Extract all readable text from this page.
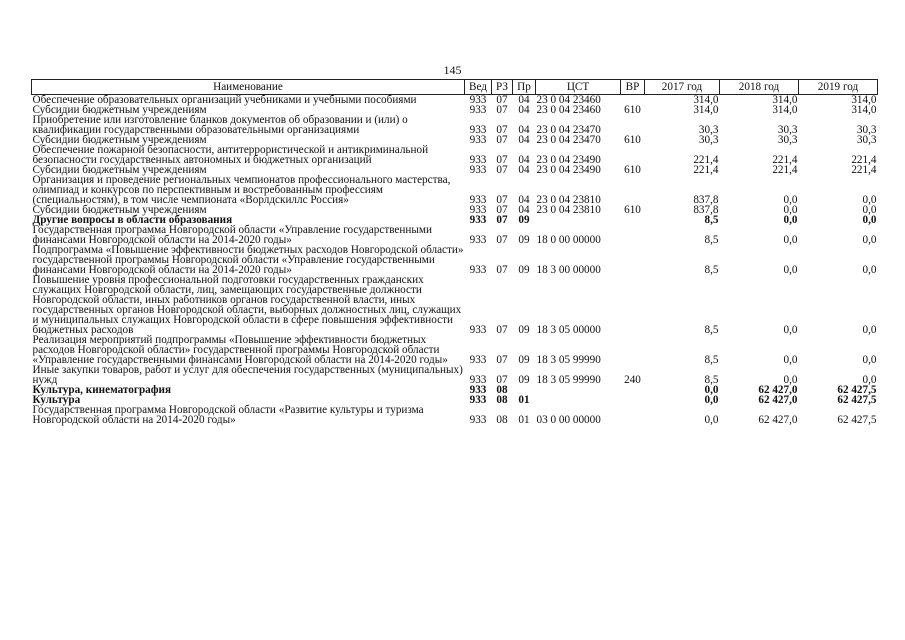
145
Наименование	Вед	РЗ	Пр	ЦСТ	ВР	2017 год	2018 год	2019 год
Обеспечение образовательных организаций учебниками и учебными пособиями	933	07	04	23 0 04 23460		314,0	314,0	314,0
Субсидии бюджетным учреждениям	933	07	04	23 0 04 23460	610	314,0	314,0	314,0
Приобретение или изготовление бланков документов об образовании и (или) о квалификации государственными образовательными организациями	933	07	04	23 0 04 23470		30,3	30,3	30,3
Субсидии бюджетным учреждениям	933	07	04	23 0 04 23470	610	30,3	30,3	30,3
Обеспечение пожарной безопасности, антитеррористической и антикриминальной безопасности государственных автономных и бюджетных организаций	933	07	04	23 0 04 23490		221,4	221,4	221,4
Субсидии бюджетным учреждениям	933	07	04	23 0 04 23490	610	221,4	221,4	221,4
Организация и проведение региональных чемпионатов профессионального мастерства, олимпиад и конкурсов по перспективным и востребованным профессиям (специальностям), в том числе чемпионата «Ворлдскиллс Россия»	933	07	04	23 0 04 23810		837,8	0,0	0,0
Субсидии бюджетным учреждениям	933	07	04	23 0 04 23810	610	837,8	0,0	0,0
Другие вопросы в области образования	933	07	09			8,5	0,0	0,0
Государственная программа Новгородской области «Управление государственными финансами Новгородской области на 2014-2020 годы»	933	07	09	18 0 00 00000		8,5	0,0	0,0
Подпрограмма «Повышение эффективности бюджетных расходов Новгородской области» государственной программы Новгородской области «Управление государственными финансами Новгородской области на 2014-2020 годы»	933	07	09	18 3 00 00000		8,5	0,0	0,0
Повышение уровня профессиональной подготовки государственных гражданских служащих Новгородской области, лиц, замещающих государственные должности Новгородской области, иных работников органов государственной власти, иных государственных органов Новгородской области, выборных должностных лиц, служащих и муниципальных служащих Новгородской области в сфере повышения эффективности бюджетных расходов	933	07	09	18 3 05 00000		8,5	0,0	0,0
Реализация мероприятий подпрограммы «Повышение эффективности бюджетных расходов Новгородской области» государственной программы Новгородской области «Управление государственными финансами Новгородской области на 2014-2020 годы»	933	07	09	18 3 05 99990		8,5	0,0	0,0
Иные закупки товаров, работ и услуг для обеспечения государственных (муниципальных) нужд	933	07	09	18 3 05 99990	240	8,5	0,0	0,0
Культура, кинематография	933	08				0,0	62 427,0	62 427,5
Культура	933	08	01			0,0	62 427,0	62 427,5
Государственная программа Новгородской области «Развитие культуры и туризма Новгородской области на 2014-2020 годы»	933	08	01	03 0 00 00000		0,0	62 427,0	62 427,5
